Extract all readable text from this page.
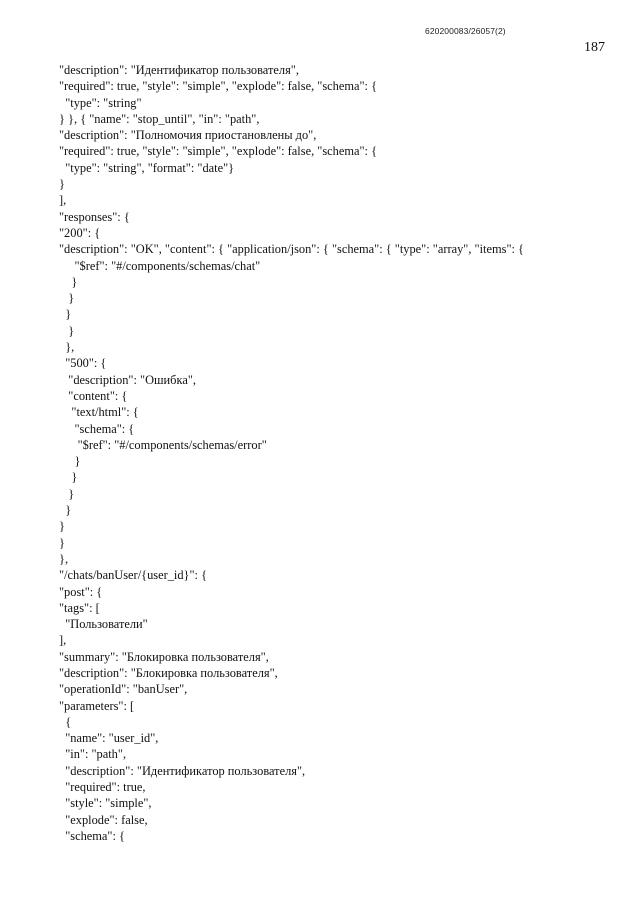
620200083/26057(2)
187
"description": "Идентификатор пользователя",
"required": true, "style": "simple", "explode": false, "schema": {
"type": "string"
} }, { "name": "stop_until", "in": "path",
"description": "Полномочия приостановлены до",
"required": true, "style": "simple", "explode": false, "schema": {
"type": "string", "format": "date"}
}
],
"responses": {
"200": {
"description": "OK", "content": { "application/json": { "schema": { "type": "array", "items": {
"$ref": "#/components/schemas/chat"
}
}
}
}
},
"500": {
"description": "Ошибка",
"content": {
"text/html": {
"schema": {
"$ref": "#/components/schemas/error"
}
}
}
}
}
}
},
"/chats/banUser/{user_id}": {
"post": {
"tags": [
"Пользователи"
],
"summary": "Блокировка пользователя",
"description": "Блокировка пользователя",
"operationId": "banUser",
"parameters": [
{
"name": "user_id",
"in": "path",
"description": "Идентификатор пользователя",
"required": true,
"style": "simple",
"explode": false,
"schema": {
